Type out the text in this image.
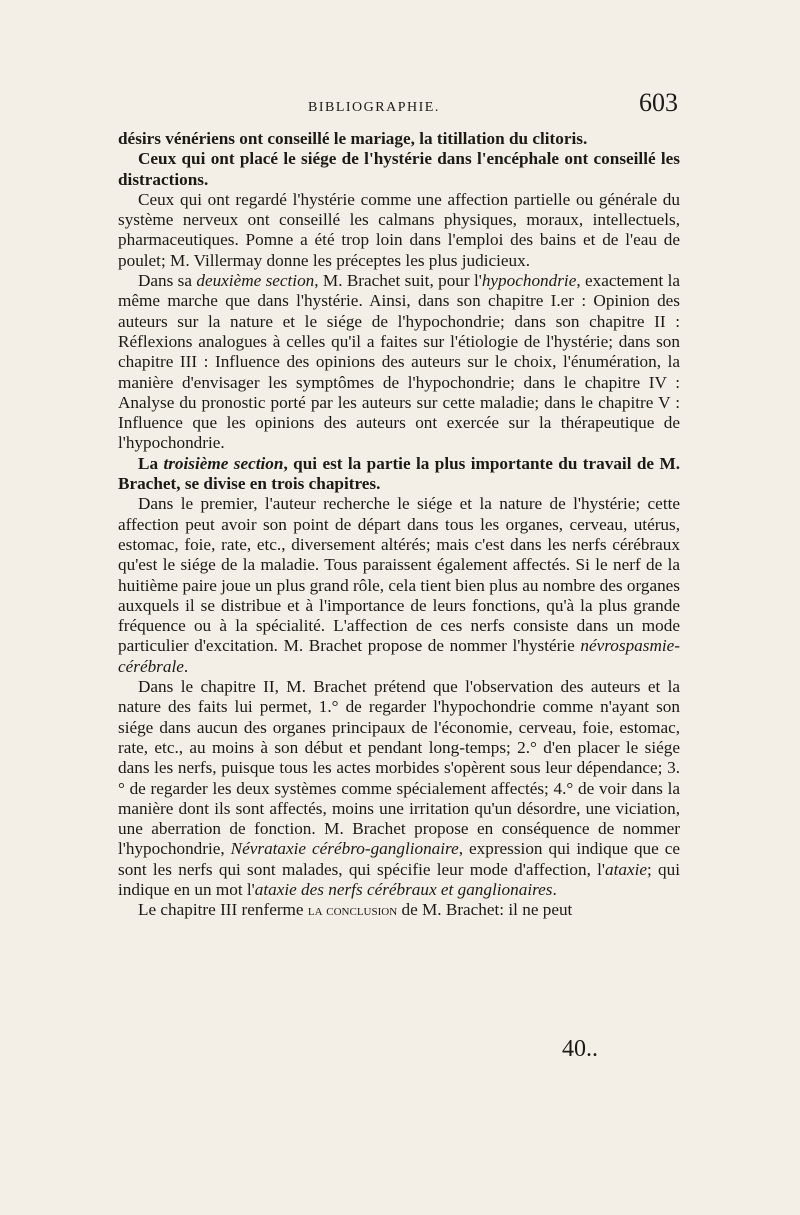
BIBLIOGRAPHIE.	603

désirs vénériens ont conseillé le mariage, la titillation du clitoris.

Ceux qui ont placé le siége de l'hystérie dans l'encéphale ont conseillé les distractions.

Ceux qui ont regardé l'hystérie comme une affection partielle ou générale du système nerveux ont conseillé les calmans physiques, moraux, intellectuels, pharmaceutiques. Pomne a été trop loin dans l'emploi des bains et de l'eau de poulet; M. Villermay donne les préceptes les plus judicieux.

Dans sa deuxième section, M. Brachet suit, pour l'hypochondrie, exactement la même marche que dans l'hystérie. Ainsi, dans son chapitre I.er : Opinion des auteurs sur la nature et le siége de l'hypochondrie; dans son chapitre II : Réflexions analogues à celles qu'il a faites sur l'étiologie de l'hystérie; dans son chapitre III : Influence des opinions des auteurs sur le choix, l'énumération, la manière d'envisager les symptômes de l'hypochondrie; dans le chapitre IV : Analyse du pronostic porté par les auteurs sur cette maladie; dans le chapitre V : Influence que les opinions des auteurs ont exercée sur la thérapeutique de l'hypochondrie.

La troisième section, qui est la partie la plus importante du travail de M. Brachet, se divise en trois chapitres.

Dans le premier, l'auteur recherche le siége et la nature de l'hystérie; cette affection peut avoir son point de départ dans tous les organes, cerveau, utérus, estomac, foie, rate, etc., diversement altérés; mais c'est dans les nerfs cérébraux qu'est le siége de la maladie. Tous paraissent également affectés. Si le nerf de la huitième paire joue un plus grand rôle, cela tient bien plus au nombre des organes auxquels il se distribue et à l'importance de leurs fonctions, qu'à la plus grande fréquence ou à la spécialité. L'affection de ces nerfs consiste dans un mode particulier d'excitation. M. Brachet propose de nommer l'hystérie névrospasmie-cérébrale.

Dans le chapitre II, M. Brachet prétend que l'observation des auteurs et la nature des faits lui permet, 1.° de regarder l'hypochondrie comme n'ayant son siége dans aucun des organes principaux de l'économie, cerveau, foie, estomac, rate, etc., au moins à son début et pendant long-temps; 2.° d'en placer le siége dans les nerfs, puisque tous les actes morbides s'opèrent sous leur dépendance; 3.° de regarder les deux systèmes comme spécialement affectés; 4.° de voir dans la manière dont ils sont affectés, moins une irritation qu'un désordre, une viciation, une aberration de fonction. M. Brachet propose en conséquence de nommer l'hypochondrie, Névrataxie cérébro-ganglionaire, expression qui indique que ce sont les nerfs qui sont malades, qui spécifie leur mode d'affection, l'ataxie; qui indique en un mot l'ataxie des nerfs cérébraux et ganglionaires.

Le chapitre III renferme la conclusion de M. Brachet: il ne peut

40..
